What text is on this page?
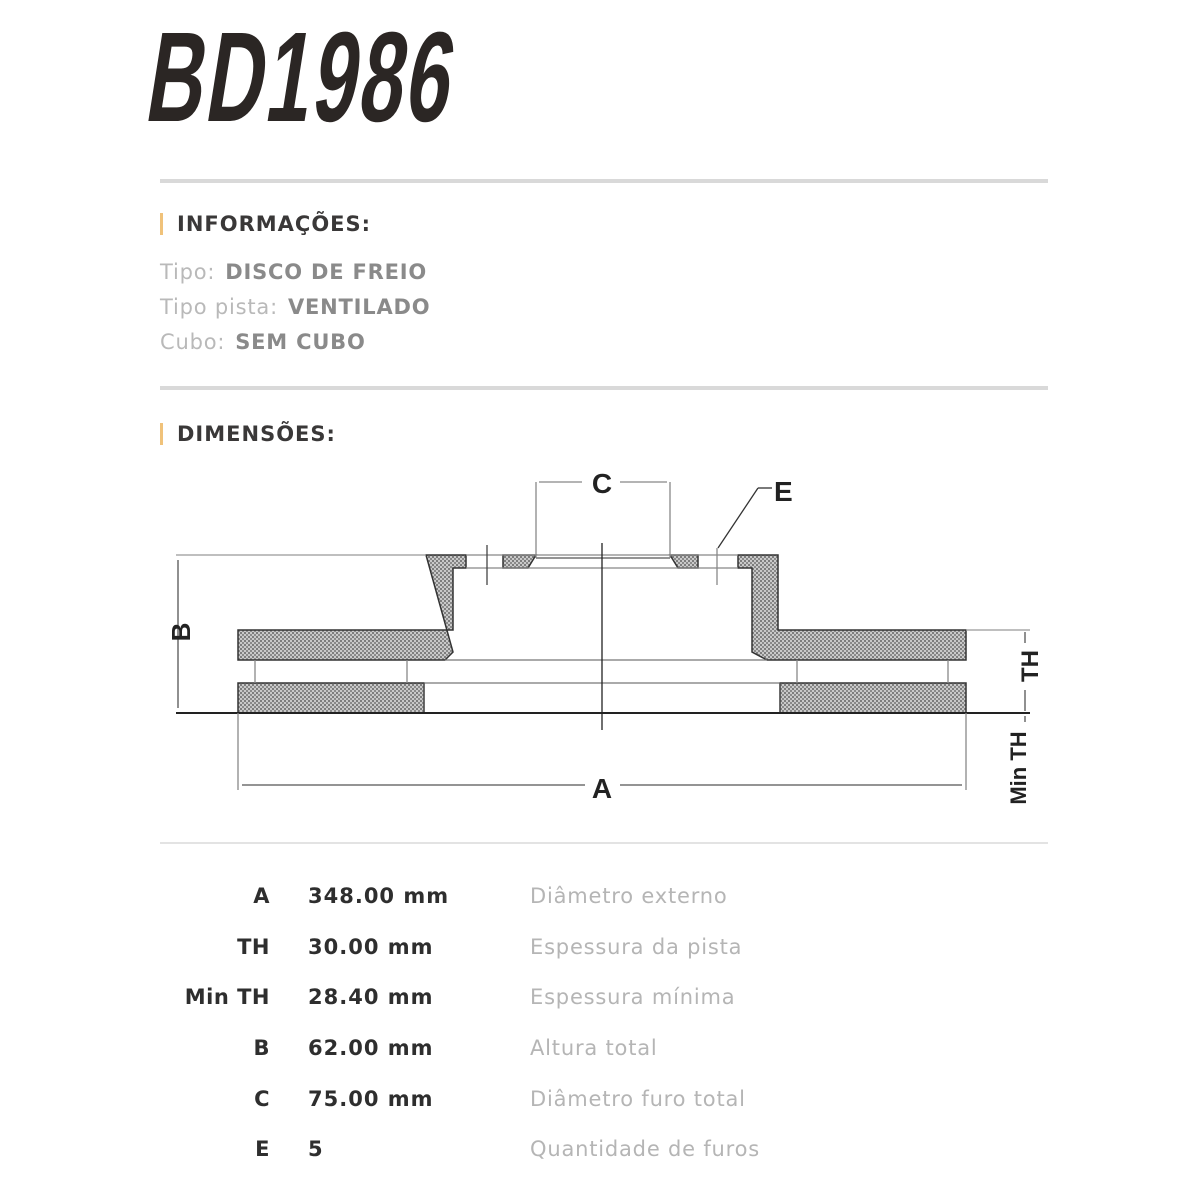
BD1986
INFORMAÇÕES:
Tipo: DISCO DE FREIO
Tipo pista: VENTILADO
Cubo: SEM CUBO
DIMENSÕES:
C	E
A
B
TH
Min TH
A 348.00 mm	Diâmetro externo
TH 30.00 mm	Espessura da pista
Min TH 28.40 mm	Espessura mínima
B 62.00 mm	Altura total
C 75.00 mm	Diâmetro furo total
E 5	Quantidade de furos
